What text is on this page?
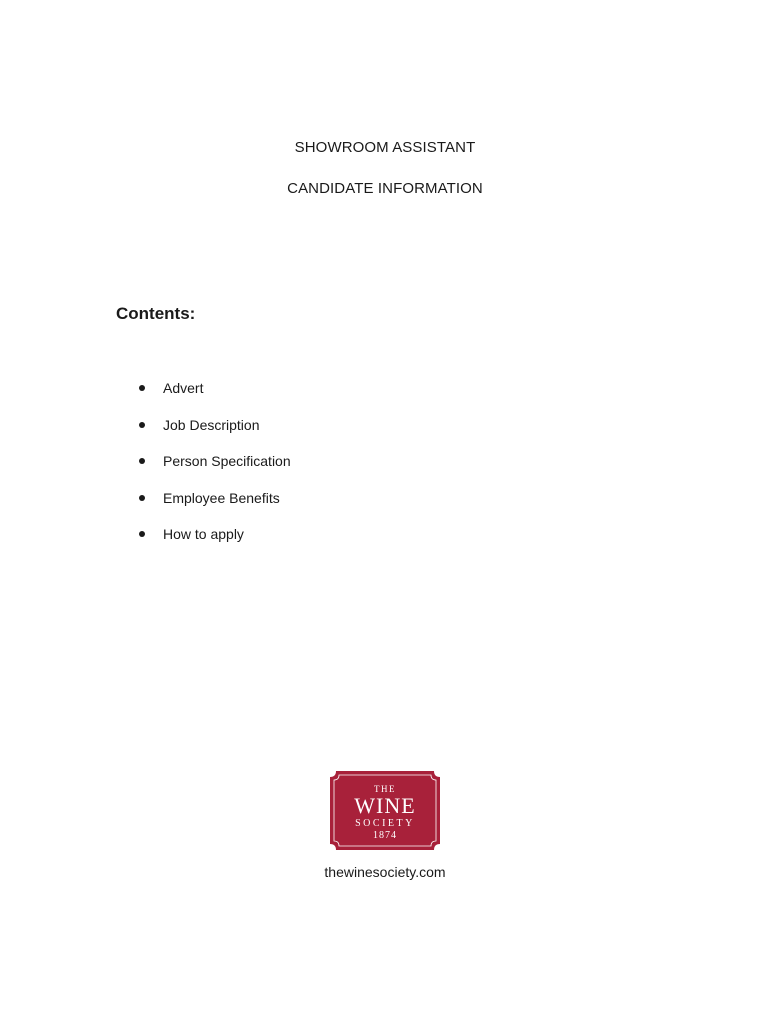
SHOWROOM ASSISTANT
CANDIDATE INFORMATION
Contents:
Advert
Job Description
Person Specification
Employee Benefits
How to apply
THE
WINE
SOCIETY
1874

thewinesociety.com
